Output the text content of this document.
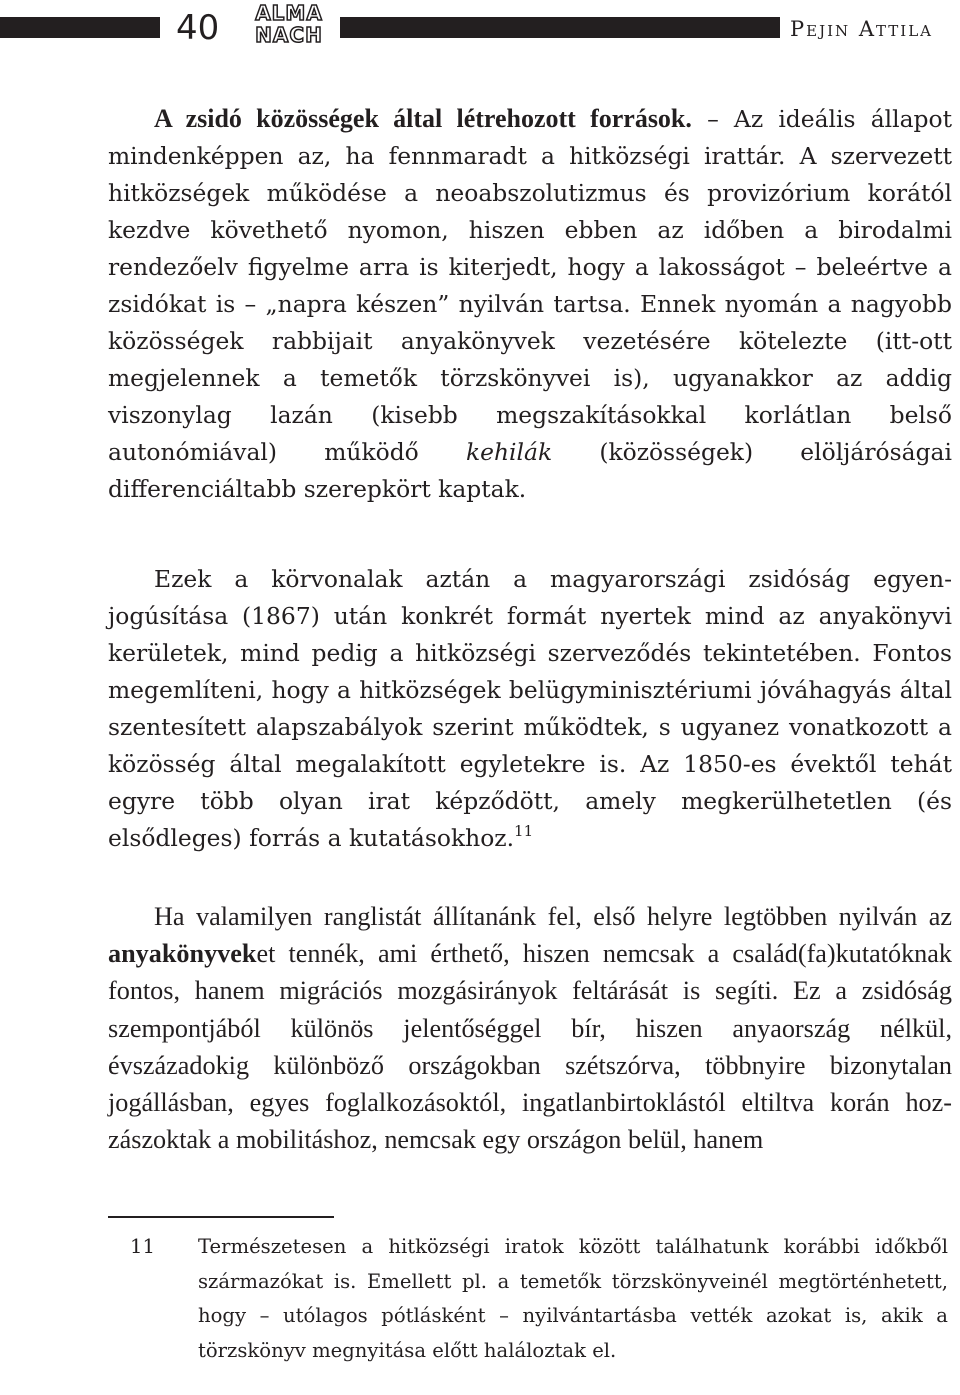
40	ALMA
NACH	Pejin Attila

A zsidó közösségek által létrehozott források. – Az ideális állapot mindenképpen az, ha fennmaradt a hitközségi irattár. A szervezett hitközségek működése a neoabszolutizmus és provizórium korától kezdve követhető nyomon, hiszen ebben az időben a birodalmi rendezőelv figyelme arra is kiterjedt, hogy a lakosságot – beleértve a zsidókat is – „napra készen” nyilván tartsa. Ennek nyomán a nagyobb közösségek rabbijait anyakönyvek vezetésére kötelezte (itt-ott megjelennek a temetők törzskönyvei is), ugyanakkor az addig viszonylag lazán (kisebb megszakításokkal korlátlan belső autonómiával) működő kehilák (közösségek) elöljáróságai differenciáltabb szerepkört kaptak.

Ezek a körvonalak aztán a magyarországi zsidóság egyenjogúsítása (1867) után konkrét formát nyertek mind az anyakönyvi kerületek, mind pedig a hitközségi szerveződés tekintetében. Fontos megemlíteni, hogy a hitközségek belügyminisztériumi jóváhagyás által szentesített alapszabályok szerint működtek, s ugyanez vonatkozott a közösség által megalakított egyletekre is. Az 1850-es évektől tehát egyre több olyan irat képződött, amely megkerülhetetlen (és elsődleges) forrás a kutatásokhoz.$^{11}$

Ha valamilyen ranglistát állítanánk fel, első helyre legtöbben nyilván az anyakönyveket tennék, ami érthető, hiszen nemcsak a család(fa)kutatóknak fontos, hanem migrációs mozgásirányok feltárását is segíti. Ez a zsidóság szempontjából különös jelentőséggel bír, hiszen anyaország nélkül, évszázadokig különböző országokban szétszórva, többnyire bizonytalan jogállásban, egyes foglalkozásoktól, ingatlanbirtoklástól eltiltva korán hozzászoktak a mobilitáshoz, nemcsak egy országon belül, hanem

11 Természetesen a hitközségi iratok között találhatunk korábbi időkből származókat is. Emellett pl. a temetők törzskönyveinél megtörténhetett, hogy – utólagos pótlásként – nyilvántartásba vették azokat is, akik a törzskönyv megnyitása előtt haláloztak el.
